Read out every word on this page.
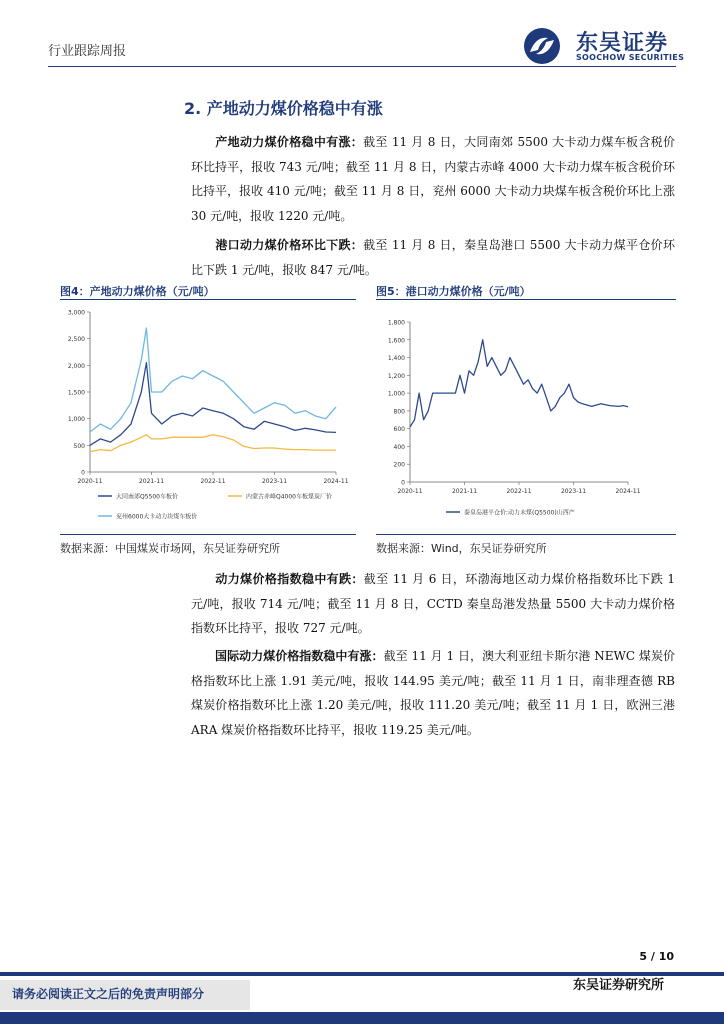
行业跟踪周报	东吴证券
SOOCHOW SECURITIES
2. 产地动力煤价格稳中有涨
产地动力煤价格稳中有涨：截至 11 月 8 日，大同南郊 5500 大卡动力煤车板含税价环比持平，报收 743 元/吨；截至 11 月 8 日，内蒙古赤峰 4000 大卡动力煤车板含税价环比持平，报收 410 元/吨；截至 11 月 8 日，兖州 6000 大卡动力块煤车板含税价环比上涨 30 元/吨，报收 1220 元/吨。
港口动力煤价格环比下跌：截至 11 月 8 日，秦皇岛港口 5500 大卡动力煤平仓价环比下跌 1 元/吨，报收 847 元/吨。
图4：产地动力煤价格（元/吨）	图5：港口动力煤价格（元/吨）
0
500
1,000
1,500
2,000
2,500
3,000
2020-11	2021-11	2022-11	2023-11	2024-11
大同南郊Q5500车板价	内蒙古赤峰Q4000车板煤炭厂价
兖州6000大卡动力块煤车板价
0
200
400
600
800
1,000
1,200
1,400
1,600
1,800
2020-11	2021-11	2022-11	2023-11	2024-11
秦皇岛港平仓价:动力末煤(Q5500)山西产
数据来源：中国煤炭市场网，东吴证券研究所	数据来源：Wind，东吴证券研究所
动力煤价格指数稳中有跌：截至 11 月 6 日，环渤海地区动力煤价格指数环比下跌 1 元/吨，报收 714 元/吨；截至 11 月 8 日，CCTD 秦皇岛港发热量 5500 大卡动力煤价格指数环比持平，报收 727 元/吨。
国际动力煤价格指数稳中有涨：截至 11 月 1 日，澳大利亚纽卡斯尔港 NEWC 煤炭价格指数环比上涨 1.91 美元/吨，报收 144.95 美元/吨；截至 11 月 1 日，南非理查德 RB 煤炭价格指数环比上涨 1.20 美元/吨，报收 111.20 美元/吨；截至 11 月 1 日，欧洲三港 ARA 煤炭价格指数环比持平，报收 119.25 美元/吨。
5 / 10
请务必阅读正文之后的免责声明部分
东吴证券研究所
